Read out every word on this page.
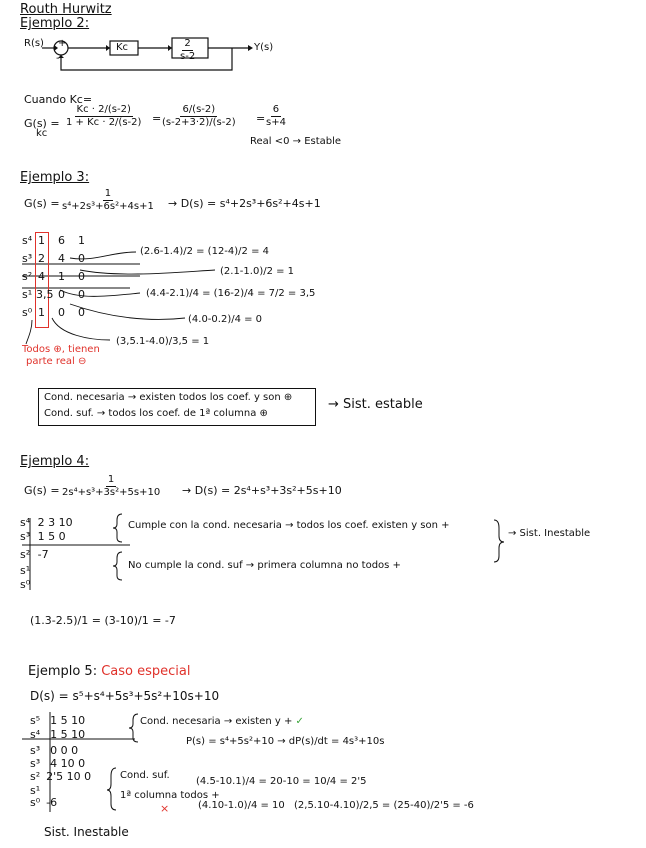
Routh Hurwitz
Ejemplo 2:
R(s) +
-
Kc	$\frac{2}{s-2}$	Y(s)
Cuando Kc=
G(s) =
kc
$\frac{Kc \cdot 2/(s-2)}{1 + Kc \cdot 2/(s-2)} = \frac{6/(s-2)}{(s-2+3\cdot 2)/(s-2)} = \frac{6}{s+4}$
Real <0 → Estable
Ejemplo 3:
$G(s) = \frac{1}{\text{s⁴+2s³+6s²+4s+1}} \to D(s) = s^4+2s^3+6s^2+4s+1$
s⁴ 1 6 1
s³ 2 4 0
s² 4 1 0
s¹ 3,5 0 0
s⁰ 1 0 0
(2.6-1.4)/2 = (12-4)/2 = 4
(2.1-1.0)/2 = 1
(4.4-2.1)/4 = (16-2)/4 = 7/2 = 3,5
(4.0-0.2)/4 = 0
(3,5.1-4.0)/3,5 = 1
Todos ⊕, tienen
parte real ⊖
Cond. necesaria → existen todos los coef. y son ⊕
Cond. suf. → todos los coef. de 1ª columna ⊕
→ Sist. estable
Ejemplo 4:
$G(s) = \frac{1}{\text{2s⁴+s³+3s²+5s+10}} \to D(s) = 2s^4+s^3+3s^2+5s+10$
s⁴ 2 3 10
s³ 1 5 0
s² -7
s¹
s⁰
Cumple con la cond. necesaria → todos los coef. existen y son +
No cumple la cond. suf → primera columna no todos +
→ Sist. Inestable
(1.3-2.5)/1 = (3-10)/1 = -7
Ejemplo 5: Caso especial
D(s) = s⁵+s⁴+5s³+5s²+10s+10
s⁵ 1 5 10
s⁴ 1 5 10
s³ 0 0 0
s³ 4 10 0
s² 2'5 10 0
s¹
s⁰ -6
Cond. necesaria → existen y + ✓
P(s) = s⁴+5s²+10 → dP(s)/dt = 4s³+10s
Cond. suf.
1ª columna todos +
×
(4.5-10.1)/4 = 20-10 = 10/4 = 2'5
(4.10-1.0)/4 = 10 (2,5.10-4.10)/2,5 = (25-40)/2'5 = -6
Sist. Inestable
